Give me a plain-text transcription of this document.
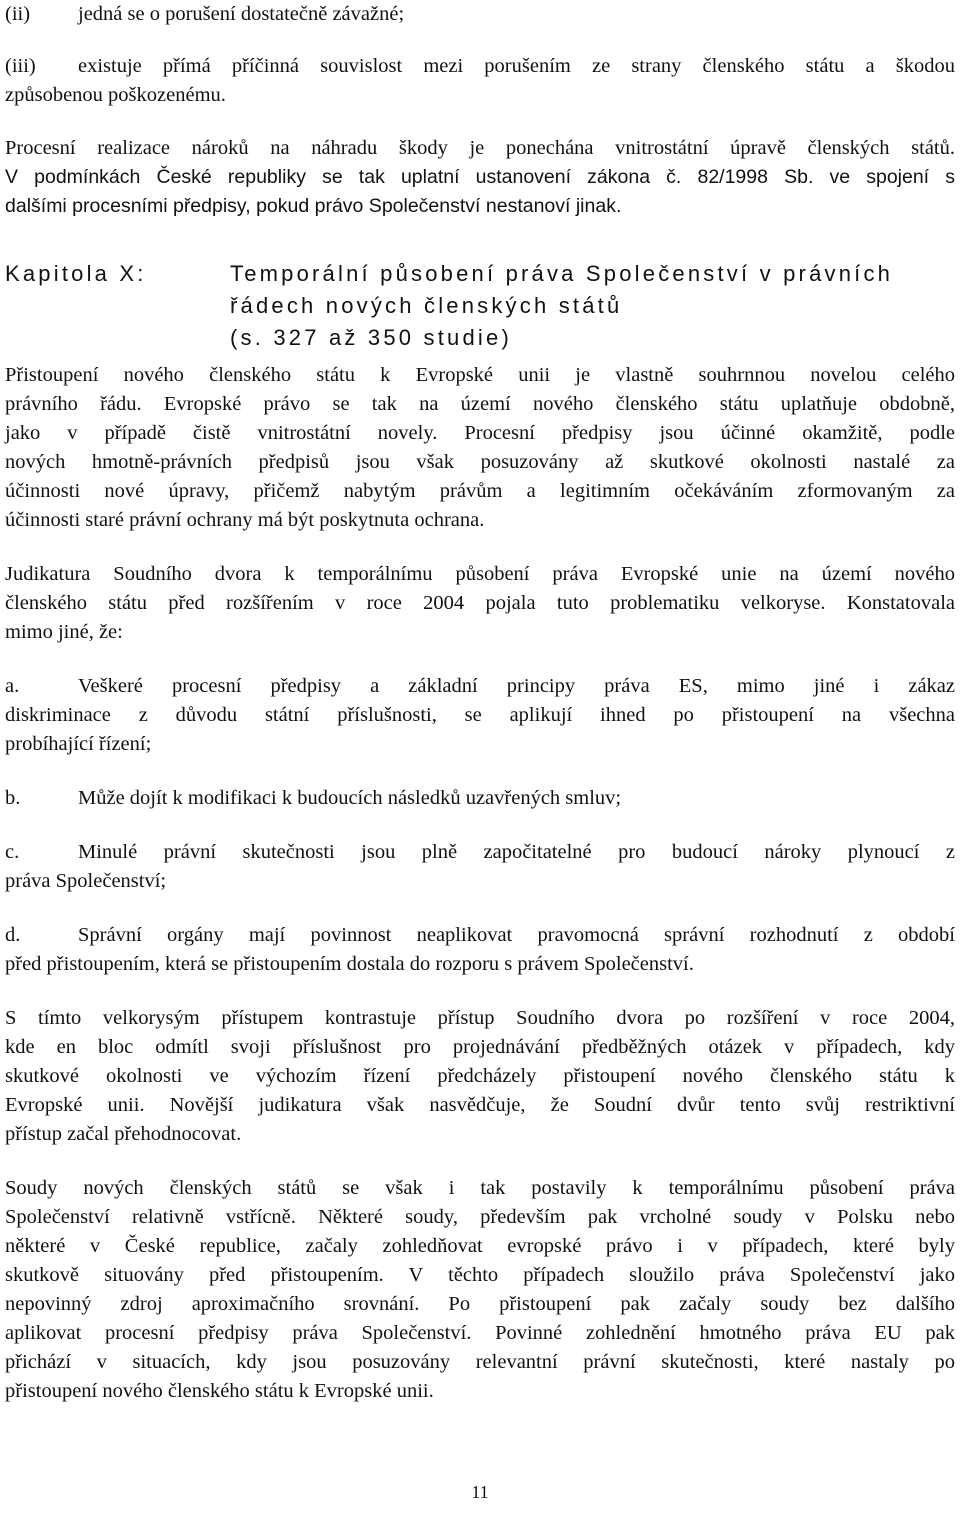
(ii) jedná se o porušení dostatečně závažné;
(iii) existuje přímá příčinná souvislost mezi porušením ze strany členského státu a škodou
způsobenou poškozenému.
Procesní realizace nároků na náhradu škody je ponechána vnitrostátní úpravě členských států.
V podmínkách České republiky se tak uplatní ustanovení zákona č. 82/1998 Sb. ve spojení s
dalšími procesními předpisy, pokud právo Společenství nestanoví jinak.
Kapitola X:	Temporální působení práva Společenství v právních
řádech nových členských států
(s. 327 až 350 studie)
Přistoupení nového členského státu k Evropské unii je vlastně souhrnnou novelou celého
právního řádu. Evropské právo se tak na území nového členského státu uplatňuje obdobně,
jako v případě čistě vnitrostátní novely. Procesní předpisy jsou účinné okamžitě, podle
nových hmotně-právních předpisů jsou však posuzovány až skutkové okolnosti nastalé za
účinnosti nové úpravy, přičemž nabytým právům a legitimním očekáváním zformovaným za
účinnosti staré právní ochrany má být poskytnuta ochrana.
Judikatura Soudního dvora k temporálnímu působení práva Evropské unie na území nového
členského státu před rozšířením v roce 2004 pojala tuto problematiku velkoryse. Konstatovala
mimo jiné, že:
a.	Veškeré procesní předpisy a základní principy práva ES, mimo jiné i zákaz
diskriminace z důvodu státní příslušnosti, se aplikují ihned po přistoupení na všechna
probíhající řízení;
b.	Může dojít k modifikaci k budoucích následků uzavřených smluv;
c.	Minulé právní skutečnosti jsou plně započitatelné pro budoucí nároky plynoucí z
práva Společenství;
d.	Správní orgány mají povinnost neaplikovat pravomocná správní rozhodnutí z období
před přistoupením, která se přistoupením dostala do rozporu s právem Společenství.
S tímto velkorysým přístupem kontrastuje přístup Soudního dvora po rozšíření v roce 2004,
kde en bloc odmítl svoji příslušnost pro projednávání předběžných otázek v případech, kdy
skutkové okolnosti ve výchozím řízení předcházely přistoupení nového členského státu k
Evropské unii. Novější judikatura však nasvědčuje, že Soudní dvůr tento svůj restriktivní
přístup začal přehodnocovat.
Soudy nových členských států se však i tak postavily k temporálnímu působení práva
Společenství relativně vstřícně. Některé soudy, především pak vrcholné soudy v Polsku nebo
některé v České republice, začaly zohledňovat evropské právo i v případech, které byly
skutkově situovány před přistoupením. V těchto případech sloužilo práva Společenství jako
nepovinný zdroj aproximačního srovnání. Po přistoupení pak začaly soudy bez dalšího
aplikovat procesní předpisy práva Společenství. Povinné zohlednění hmotného práva EU pak
přichází v situacích, kdy jsou posuzovány relevantní právní skutečnosti, které nastaly po
přistoupení nového členského státu k Evropské unii.
11
